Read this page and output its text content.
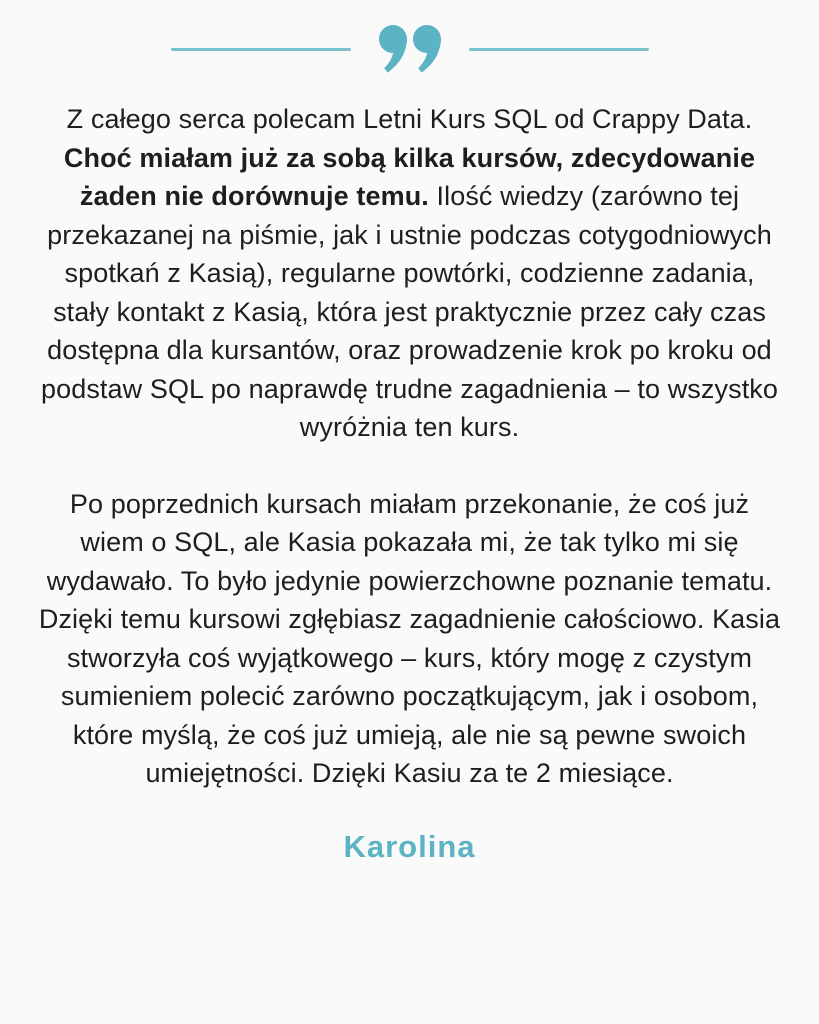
Z całego serca polecam Letni Kurs SQL od Crappy Data. Choć miałam już za sobą kilka kursów, zdecydowanie żaden nie dorównuje temu. Ilość wiedzy (zarówno tej przekazanej na piśmie, jak i ustnie podczas cotygodniowych spotkań z Kasią), regularne powtórki, codzienne zadania, stały kontakt z Kasią, która jest praktycznie przez cały czas dostępna dla kursantów, oraz prowadzenie krok po kroku od podstaw SQL po naprawdę trudne zagadnienia – to wszystko wyróżnia ten kurs.

Po poprzednich kursach miałam przekonanie, że coś już wiem o SQL, ale Kasia pokazała mi, że tak tylko mi się wydawało. To było jedynie powierzchowne poznanie tematu. Dzięki temu kursowi zgłębiasz zagadnienie całościowo. Kasia stworzyła coś wyjątkowego – kurs, który mogę z czystym sumieniem polecić zarówno początkującym, jak i osobom, które myślą, że coś już umieją, ale nie są pewne swoich umiejętności. Dzięki Kasiu za te 2 miesiące.

Karolina
